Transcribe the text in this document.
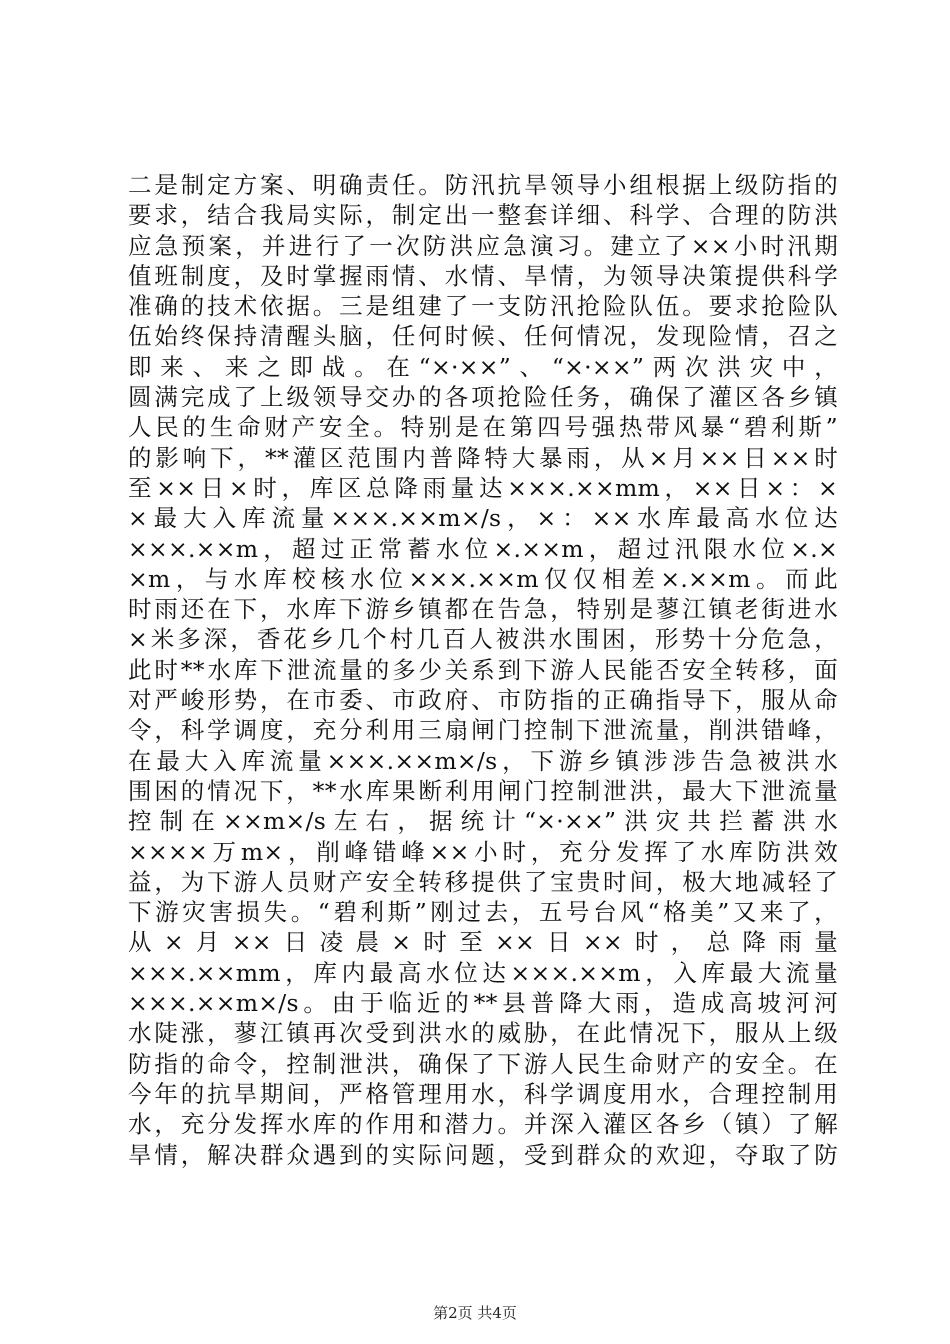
二是制定方案、明确责任。防汛抗旱领导小组根据上级防指的
要求，结合我局实际，制定出一整套详细、科学、合理的防洪
应急预案，并进行了一次防洪应急演习。建立了××小时汛期
值班制度，及时掌握雨情、水情、旱情，为领导决策提供科学
准确的技术依据。三是组建了一支防汛抢险队伍。要求抢险队
伍始终保持清醒头脑，任何时候、任何情况，发现险情，召之
即来、来之即战。在“×·××”、“×·××”两次洪灾中，
圆满完成了上级领导交办的各项抢险任务，确保了灌区各乡镇
人民的生命财产安全。特别是在第四号强热带风暴“碧利斯”
的影响下，**灌区范围内普降特大暴雨，从×月××日××时
至××日×时，库区总降雨量达×××.××mm，××日×：×
×最大入库流量×××.××m×/s，×：××水库最高水位达
×××.××m，超过正常蓄水位×.××m，超过汛限水位×.×
×m，与水库校核水位×××.××m仅仅相差×.××m。而此
时雨还在下，水库下游乡镇都在告急，特别是蓼江镇老街进水
×米多深，香花乡几个村几百人被洪水围困，形势十分危急，
此时**水库下泄流量的多少关系到下游人民能否安全转移，面
对严峻形势，在市委、市政府、市防指的正确指导下，服从命
令，科学调度，充分利用三扇闸门控制下泄流量，削洪错峰，
在最大入库流量×××.××m×/s，下游乡镇涉涉告急被洪水
围困的情况下，**水库果断利用闸门控制泄洪，最大下泄流量
控制在××m×/s左右，据统计“×·××”洪灾共拦蓄洪水
××××万m×，削峰错峰××小时，充分发挥了水库防洪效
益，为下游人员财产安全转移提供了宝贵时间，极大地减轻了
下游灾害损失。“碧利斯”刚过去，五号台风“格美”又来了，
从×月××日凌晨×时至××日××时，总降雨量
×××.××mm，库内最高水位达×××.××m，入库最大流量
×××.××m×/s。由于临近的**县普降大雨，造成高坡河河
水陡涨，蓼江镇再次受到洪水的威胁，在此情况下，服从上级
防指的命令，控制泄洪，确保了下游人民生命财产的安全。在
今年的抗旱期间，严格管理用水，科学调度用水，合理控制用
水，充分发挥水库的作用和潜力。并深入灌区各乡（镇）了解
旱情，解决群众遇到的实际问题，受到群众的欢迎，夺取了防
第2页 共4页
